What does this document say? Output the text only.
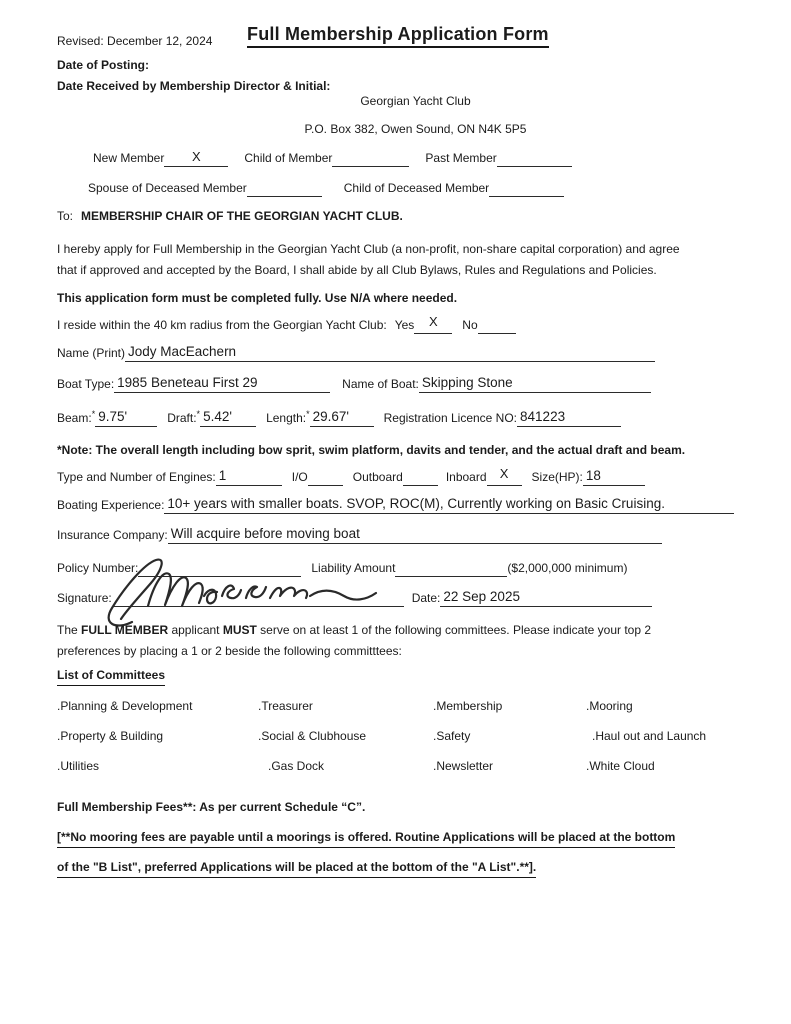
Revised: December 12, 2024 Full Membership Application Form
Date of Posting:
Date Received by Membership Director & Initial:
Georgian Yacht Club
P.O. Box 382, Owen Sound, ON N4K 5P5
New Member	X	Child of Member	Past Member
Spouse of Deceased Member	Child of Deceased Member
To: MEMBERSHIP CHAIR OF THE GEORGIAN YACHT CLUB.
I hereby apply for Full Membership in the Georgian Yacht Club (a non-profit, non-share capital corporation) and agree
that if approved and accepted by the Board, I shall abide by all Club Bylaws, Rules and Regulations and Policies.
This application form must be completed fully. Use N/A where needed.
I reside within the 40 km radius from the Georgian Yacht Club: Yes	X	No
Name (Print) Jody MacEachern
Boat Type: 1985 Beneteau First 29	Name of Boat: Skipping Stone
Beam:* 9.75'	Draft:* 5.42'	Length:* 29.67'	Registration Licence NO: 841223
*Note: The overall length including bow sprit, swim platform, davits and tender, and the actual draft and beam.
Type and Number of Engines: 1	I/O	Outboard	Inboard	X	Size(HP): 18
Boating Experience: 10+ years with smaller boats. SVOP, ROC(M), Currently working on Basic Cruising.
Insurance Company: Will acquire before moving boat
Policy Number:	Liability Amount	($2,000,000 minimum)
Signature:	Date: 22 Sep 2025
The FULL MEMBER applicant MUST serve on at least 1 of the following committees. Please indicate your top 2
preferences by placing a 1 or 2 beside the following committtees:
List of Committees
.Planning & Development	.Treasurer	.Membership	.Mooring
.Property & Building	.Social & Clubhouse	.Safety	.Haul out and Launch
.Utilities	.Gas Dock	.Newsletter	.White Cloud
Full Membership Fees**: As per current Schedule “C”.
[**No mooring fees are payable until a moorings is offered. Routine Applications will be placed at the bottom
of the "B List", preferred Applications will be placed at the bottom of the "A List".**].
